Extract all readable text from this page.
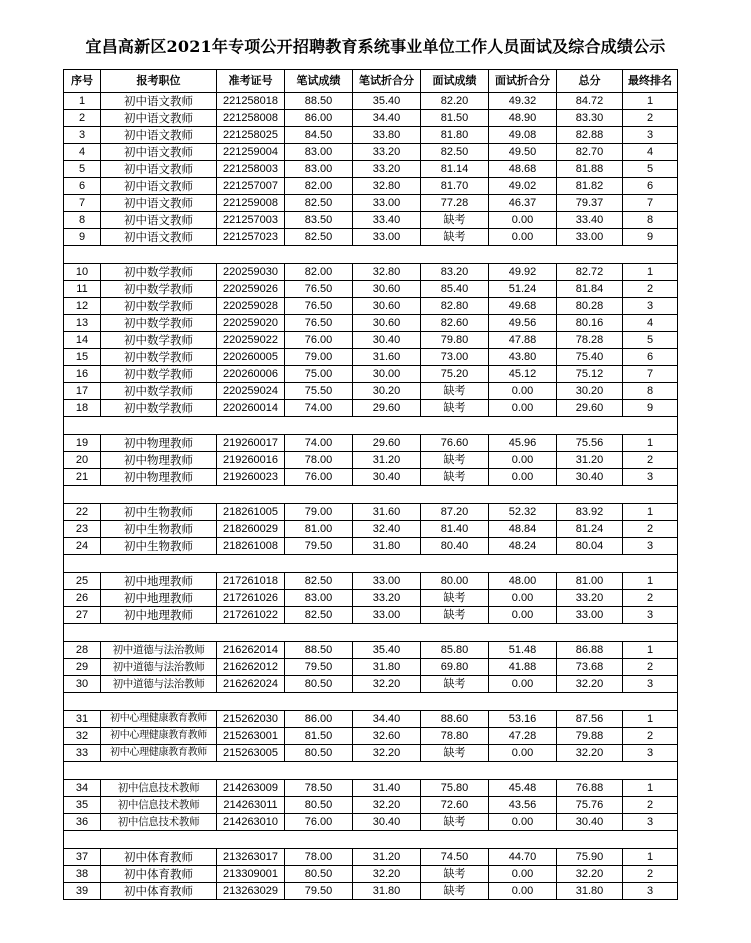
宜昌高新区2021年专项公开招聘教育系统事业单位工作人员面试及综合成绩公示
序号	报考职位	准考证号	笔试成绩	笔试折合分	面试成绩	面试折合分	总分	最终排名
1	初中语文教师	221258018	88.50	35.40	82.20	49.32	84.72	1
2	初中语文教师	221258008	86.00	34.40	81.50	48.90	83.30	2
3	初中语文教师	221258025	84.50	33.80	81.80	49.08	82.88	3
4	初中语文教师	221259004	83.00	33.20	82.50	49.50	82.70	4
5	初中语文教师	221258003	83.00	33.20	81.14	48.68	81.88	5
6	初中语文教师	221257007	82.00	32.80	81.70	49.02	81.82	6
7	初中语文教师	221259008	82.50	33.00	77.28	46.37	79.37	7
8	初中语文教师	221257003	83.50	33.40	缺考	0.00	33.40	8
9	初中语文教师	221257023	82.50	33.00	缺考	0.00	33.00	9

10	初中数学教师	220259030	82.00	32.80	83.20	49.92	82.72	1
11	初中数学教师	220259026	76.50	30.60	85.40	51.24	81.84	2
12	初中数学教师	220259028	76.50	30.60	82.80	49.68	80.28	3
13	初中数学教师	220259020	76.50	30.60	82.60	49.56	80.16	4
14	初中数学教师	220259022	76.00	30.40	79.80	47.88	78.28	5
15	初中数学教师	220260005	79.00	31.60	73.00	43.80	75.40	6
16	初中数学教师	220260006	75.00	30.00	75.20	45.12	75.12	7
17	初中数学教师	220259024	75.50	30.20	缺考	0.00	30.20	8
18	初中数学教师	220260014	74.00	29.60	缺考	0.00	29.60	9

19	初中物理教师	219260017	74.00	29.60	76.60	45.96	75.56	1
20	初中物理教师	219260016	78.00	31.20	缺考	0.00	31.20	2
21	初中物理教师	219260023	76.00	30.40	缺考	0.00	30.40	3

22	初中生物教师	218261005	79.00	31.60	87.20	52.32	83.92	1
23	初中生物教师	218260029	81.00	32.40	81.40	48.84	81.24	2
24	初中生物教师	218261008	79.50	31.80	80.40	48.24	80.04	3

25	初中地理教师	217261018	82.50	33.00	80.00	48.00	81.00	1
26	初中地理教师	217261026	83.00	33.20	缺考	0.00	33.20	2
27	初中地理教师	217261022	82.50	33.00	缺考	0.00	33.00	3

28	初中道德与法治教师	216262014	88.50	35.40	85.80	51.48	86.88	1
29	初中道德与法治教师	216262012	79.50	31.80	69.80	41.88	73.68	2
30	初中道德与法治教师	216262024	80.50	32.20	缺考	0.00	32.20	3

31	初中心理健康教育教师	215262030	86.00	34.40	88.60	53.16	87.56	1
32	初中心理健康教育教师	215263001	81.50	32.60	78.80	47.28	79.88	2
33	初中心理健康教育教师	215263005	80.50	32.20	缺考	0.00	32.20	3

34	初中信息技术教师	214263009	78.50	31.40	75.80	45.48	76.88	1
35	初中信息技术教师	214263011	80.50	32.20	72.60	43.56	75.76	2
36	初中信息技术教师	214263010	76.00	30.40	缺考	0.00	30.40	3

37	初中体育教师	213263017	78.00	31.20	74.50	44.70	75.90	1
38	初中体育教师	213309001	80.50	32.20	缺考	0.00	32.20	2
39	初中体育教师	213263029	79.50	31.80	缺考	0.00	31.80	3
